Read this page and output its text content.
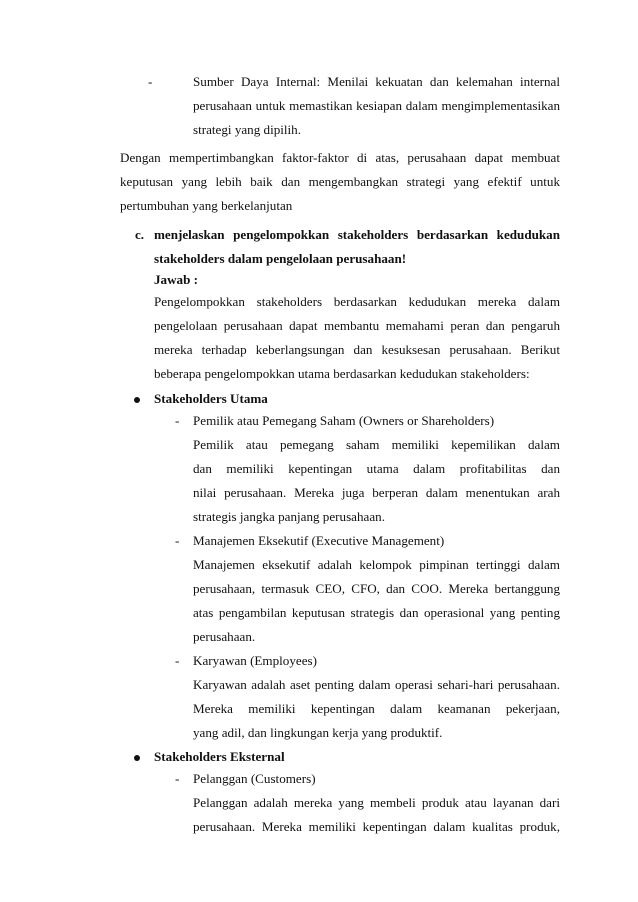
-	Sumber Daya Internal: Menilai kekuatan dan kelemahan internal
perusahaan untuk memastikan kesiapan dalam mengimplementasikan
strategi yang dipilih.
Dengan mempertimbangkan faktor-faktor di atas, perusahaan dapat membuat
keputusan yang lebih baik dan mengembangkan strategi yang efektif untuk
pertumbuhan yang berkelanjutan
c. menjelaskan pengelompokkan stakeholders berdasarkan kedudukan
stakeholders dalam pengelolaan perusahaan!
Jawab :
Pengelompokkan stakeholders berdasarkan kedudukan mereka dalam
pengelolaan perusahaan dapat membantu memahami peran dan pengaruh
mereka terhadap keberlangsungan dan kesuksesan perusahaan. Berikut
beberapa pengelompokkan utama berdasarkan kedudukan stakeholders:
Stakeholders Utama
- Pemilik atau Pemegang Saham (Owners or Shareholders)
Pemilik atau pemegang saham memiliki kepemilikan dalam
dan memiliki kepentingan utama dalam profitabilitas dan
nilai perusahaan. Mereka juga berperan dalam menentukan arah
strategis jangka panjang perusahaan.
- Manajemen Eksekutif (Executive Management)
Manajemen eksekutif adalah kelompok pimpinan tertinggi dalam
perusahaan, termasuk CEO, CFO, dan COO. Mereka bertanggung
atas pengambilan keputusan strategis dan operasional yang penting
perusahaan.
- Karyawan (Employees)
Karyawan adalah aset penting dalam operasi sehari-hari perusahaan.
Mereka memiliki kepentingan dalam keamanan pekerjaan,
yang adil, dan lingkungan kerja yang produktif.
Stakeholders Eksternal
- Pelanggan (Customers)
Pelanggan adalah mereka yang membeli produk atau layanan dari
perusahaan. Mereka memiliki kepentingan dalam kualitas produk,
